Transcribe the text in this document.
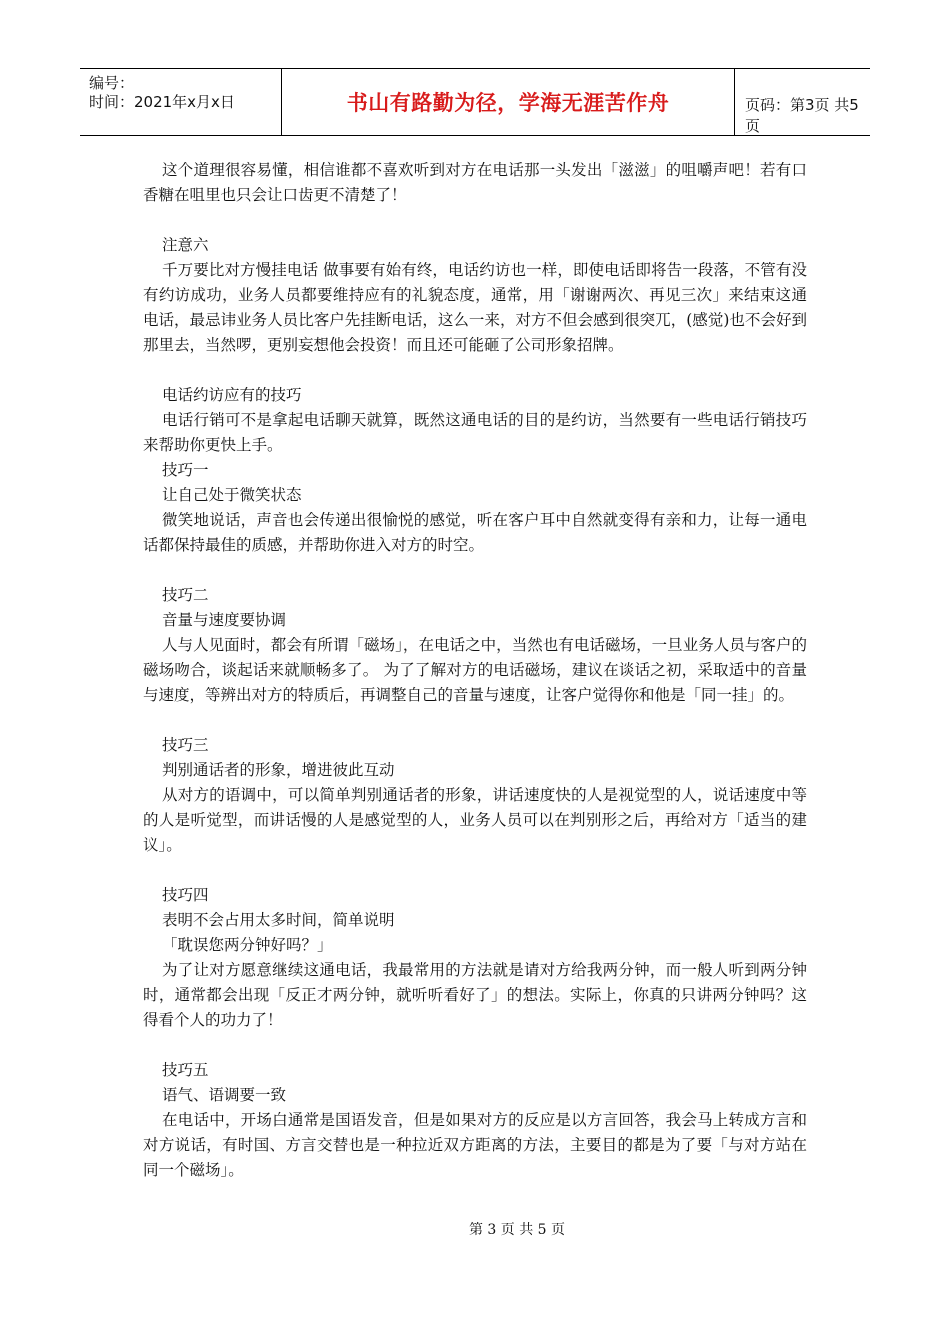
编号：
时间：2021年x月x日	书山有路勤为径，学海无涯苦作舟	页码：第3页 共5页

这个道理很容易懂，相信谁都不喜欢听到对方在电话那一头发出「滋滋」的咀嚼声吧！若有口香糖在咀里也只会让口齿更不清楚了！

注意六

千万要比对方慢挂电话 做事要有始有终，电话约访也一样，即使电话即将告一段落，不管有没有约访成功，业务人员都要维持应有的礼貌态度，通常，用「谢谢两次、再见三次」来结束这通电话，最忌讳业务人员比客户先挂断电话，这么一来，对方不但会感到很突兀，(感觉)也不会好到那里去，当然啰，更别妄想他会投资！而且还可能砸了公司形象招牌。

电话约访应有的技巧

电话行销可不是拿起电话聊天就算，既然这通电话的目的是约访，当然要有一些电话行销技巧来帮助你更快上手。

技巧一

让自己处于微笑状态

微笑地说话，声音也会传递出很愉悦的感觉，听在客户耳中自然就变得有亲和力，让每一通电话都保持最佳的质感，并帮助你进入对方的时空。

技巧二

音量与速度要协调

人与人见面时，都会有所谓「磁场」，在电话之中，当然也有电话磁场，一旦业务人员与客户的磁场吻合，谈起话来就顺畅多了。 为了了解对方的电话磁场，建议在谈话之初，采取适中的音量与速度，等辨出对方的特质后，再调整自己的音量与速度，让客户觉得你和他是「同一挂」的。

技巧三

判别通话者的形象，增进彼此互动

从对方的语调中，可以简单判别通话者的形象，讲话速度快的人是视觉型的人，说话速度中等的人是听觉型，而讲话慢的人是感觉型的人，业务人员可以在判别形之后，再给对方「适当的建议」。

技巧四

表明不会占用太多时间，简单说明

「耽误您两分钟好吗？」

为了让对方愿意继续这通电话，我最常用的方法就是请对方给我两分钟，而一般人听到两分钟时，通常都会出现「反正才两分钟，就听听看好了」的想法。实际上，你真的只讲两分钟吗？这得看个人的功力了！

技巧五

语气、语调要一致

在电话中，开场白通常是国语发音，但是如果对方的反应是以方言回答，我会马上转成方言和对方说话，有时国、方言交替也是一种拉近双方距离的方法，主要目的都是为了要「与对方站在同一个磁场」。

第 3 页 共 5 页
